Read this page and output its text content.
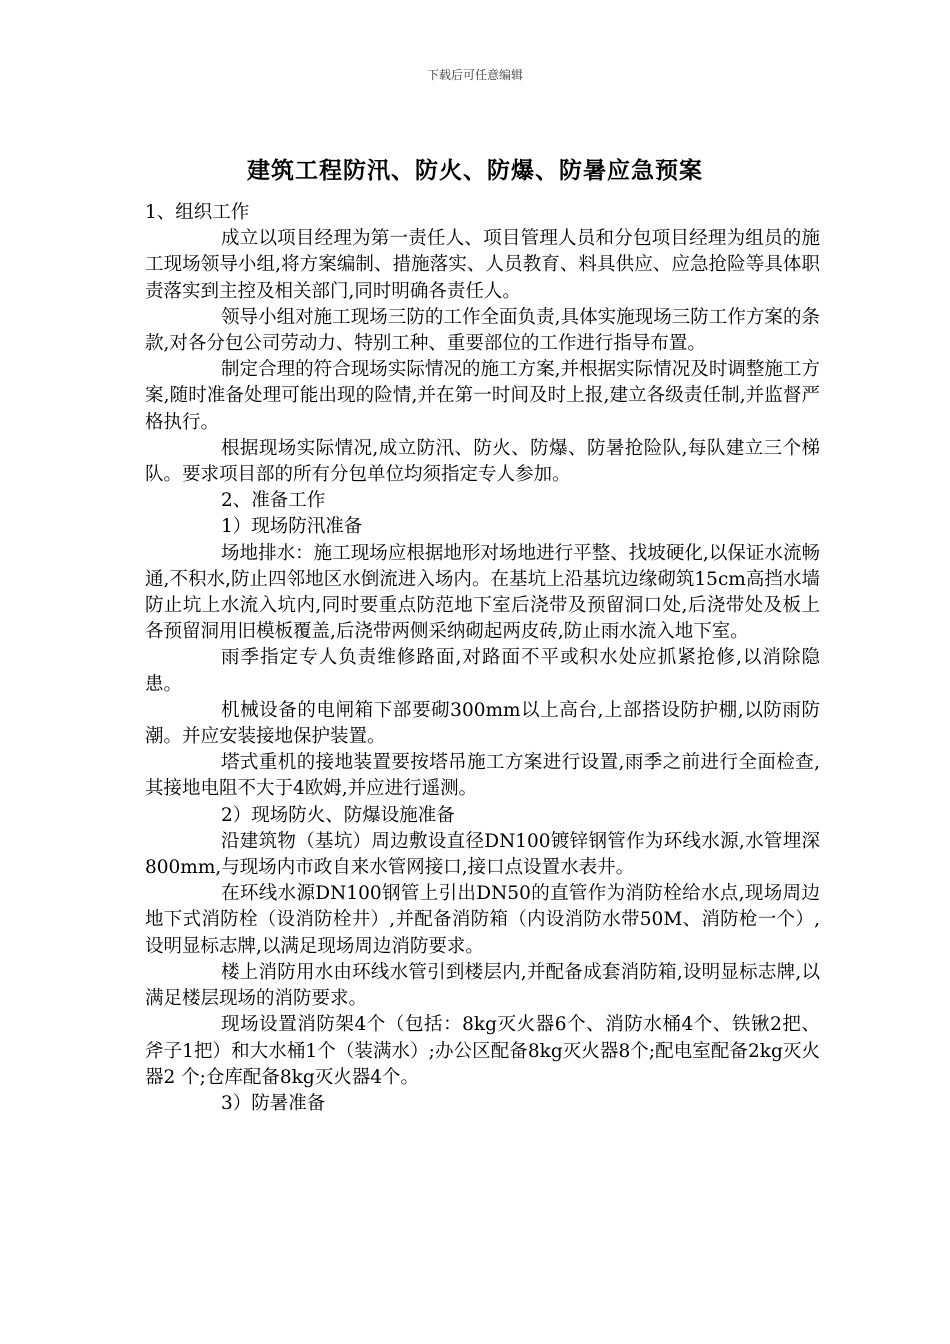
下载后可任意编辑
建筑工程防汛、防火、防爆、防暑应急预案

1、组织工作

成立以项目经理为第一责任人、项目管理人员和分包项目经理为组员的施工现场领导小组,将方案编制、措施落实、人员教育、料具供应、应急抢险等具体职责落实到主控及相关部门,同时明确各责任人。

领导小组对施工现场三防的工作全面负责,具体实施现场三防工作方案的条款,对各分包公司劳动力、特别工种、重要部位的工作进行指导布置。

制定合理的符合现场实际情况的施工方案,并根据实际情况及时调整施工方案,随时准备处理可能出现的险情,并在第一时间及时上报,建立各级责任制,并监督严格执行。

根据现场实际情况,成立防汛、防火、防爆、防暑抢险队,每队建立三个梯队。要求项目部的所有分包单位均须指定专人参加。

2、准备工作

1）现场防汛准备

场地排水：施工现场应根据地形对场地进行平整、找坡硬化,以保证水流畅通,不积水,防止四邻地区水倒流进入场内。在基坑上沿基坑边缘砌筑15cm高挡水墙防止坑上水流入坑内,同时要重点防范地下室后浇带及预留洞口处,后浇带处及板上各预留洞用旧模板覆盖,后浇带两侧采纳砌起两皮砖,防止雨水流入地下室。

雨季指定专人负责维修路面,对路面不平或积水处应抓紧抢修,以消除隐患。

机械设备的电闸箱下部要砌300mm以上高台,上部搭设防护棚,以防雨防潮。并应安装接地保护装置。

塔式重机的接地装置要按塔吊施工方案进行设置,雨季之前进行全面检查,其接地电阻不大于4欧姆,并应进行遥测。

2）现场防火、防爆设施准备

沿建筑物（基坑）周边敷设直径DN100镀锌钢管作为环线水源,水管埋深800mm,与现场内市政自来水管网接口,接口点设置水表井。

在环线水源DN100钢管上引出DN50的直管作为消防栓给水点,现场周边地下式消防栓（设消防栓井）,并配备消防箱（内设消防水带50M、消防枪一个）,设明显标志牌,以满足现场周边消防要求。

楼上消防用水由环线水管引到楼层内,并配备成套消防箱,设明显标志牌,以满足楼层现场的消防要求。

现场设置消防架4个（包括：8kg灭火器6个、消防水桶4个、铁锹2把、斧子1把）和大水桶1个（装满水）;办公区配备8kg灭火器8个;配电室配备2kg灭火器2 个;仓库配备8kg灭火器4个。

3）防暑准备
